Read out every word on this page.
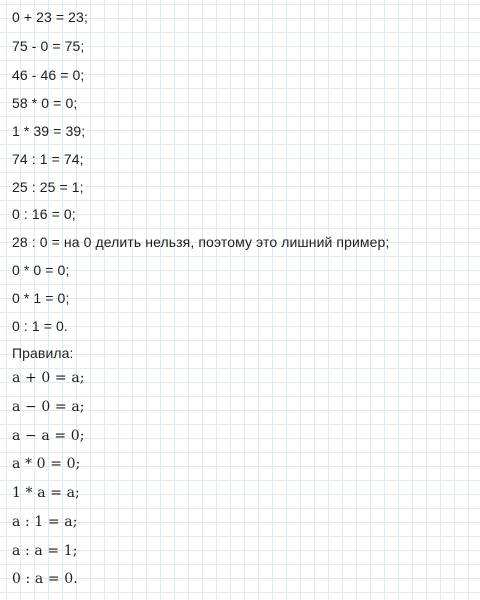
0 + 23 = 23;
75 - 0 = 75;
46 - 46 = 0;
58 * 0 = 0;
1 * 39 = 39;
74 : 1 = 74;
25 : 25 = 1;
0 : 16 = 0;
28 : 0 = на 0 делить нельзя, поэтому это лишний пример;
0 * 0 = 0;
0 * 1 = 0;
0 : 1 = 0.
Правила:
a + 0 = a;
a − 0 = a;
a − a = 0;
a * 0 = 0;
1 * a = a;
a : 1 = a;
a : a = 1;
0 : a = 0.
